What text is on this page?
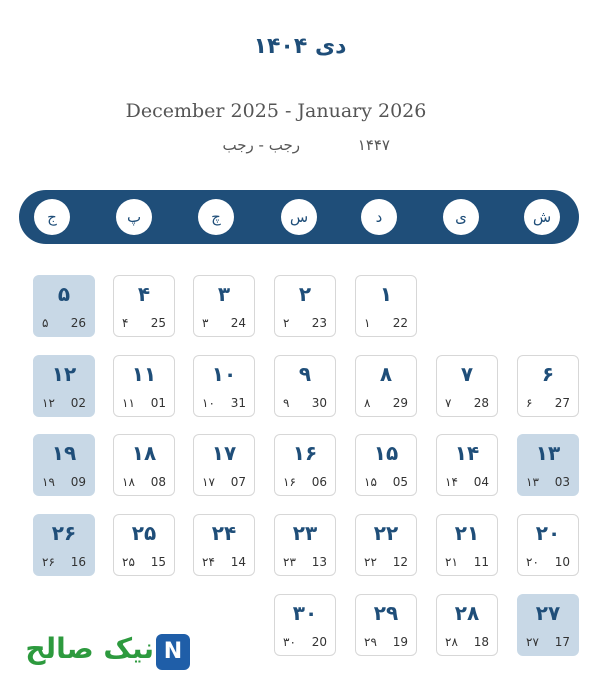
دی ۱۴۰۴
December 2025 - January 2026
۱۴۴۷
رجب - رجب
ش
ی
د
س
چ
پ
ج
۱
22
۱
۲
23
۲
۳
24
۳
۴
25
۴
۵
26
۵
۶
27
۶
۷
28
۷
۸
29
۸
۹
30
۹
۱۰
31
۱۰
۱۱
01
۱۱
۱۲
02
۱۲
۱۳
03
۱۳
۱۴
04
۱۴
۱۵
05
۱۵
۱۶
06
۱۶
۱۷
07
۱۷
۱۸
08
۱۸
۱۹
09
۱۹
۲۰
10
۲۰
۲۱
11
۲۱
۲۲
12
۲۲
۲۳
13
۲۳
۲۴
14
۲۴
۲۵
15
۲۵
۲۶
16
۲۶
۲۷
17
۲۷
۲۸
18
۲۸
۲۹
19
۲۹
۳۰
20
۳۰
نیک صالح N
